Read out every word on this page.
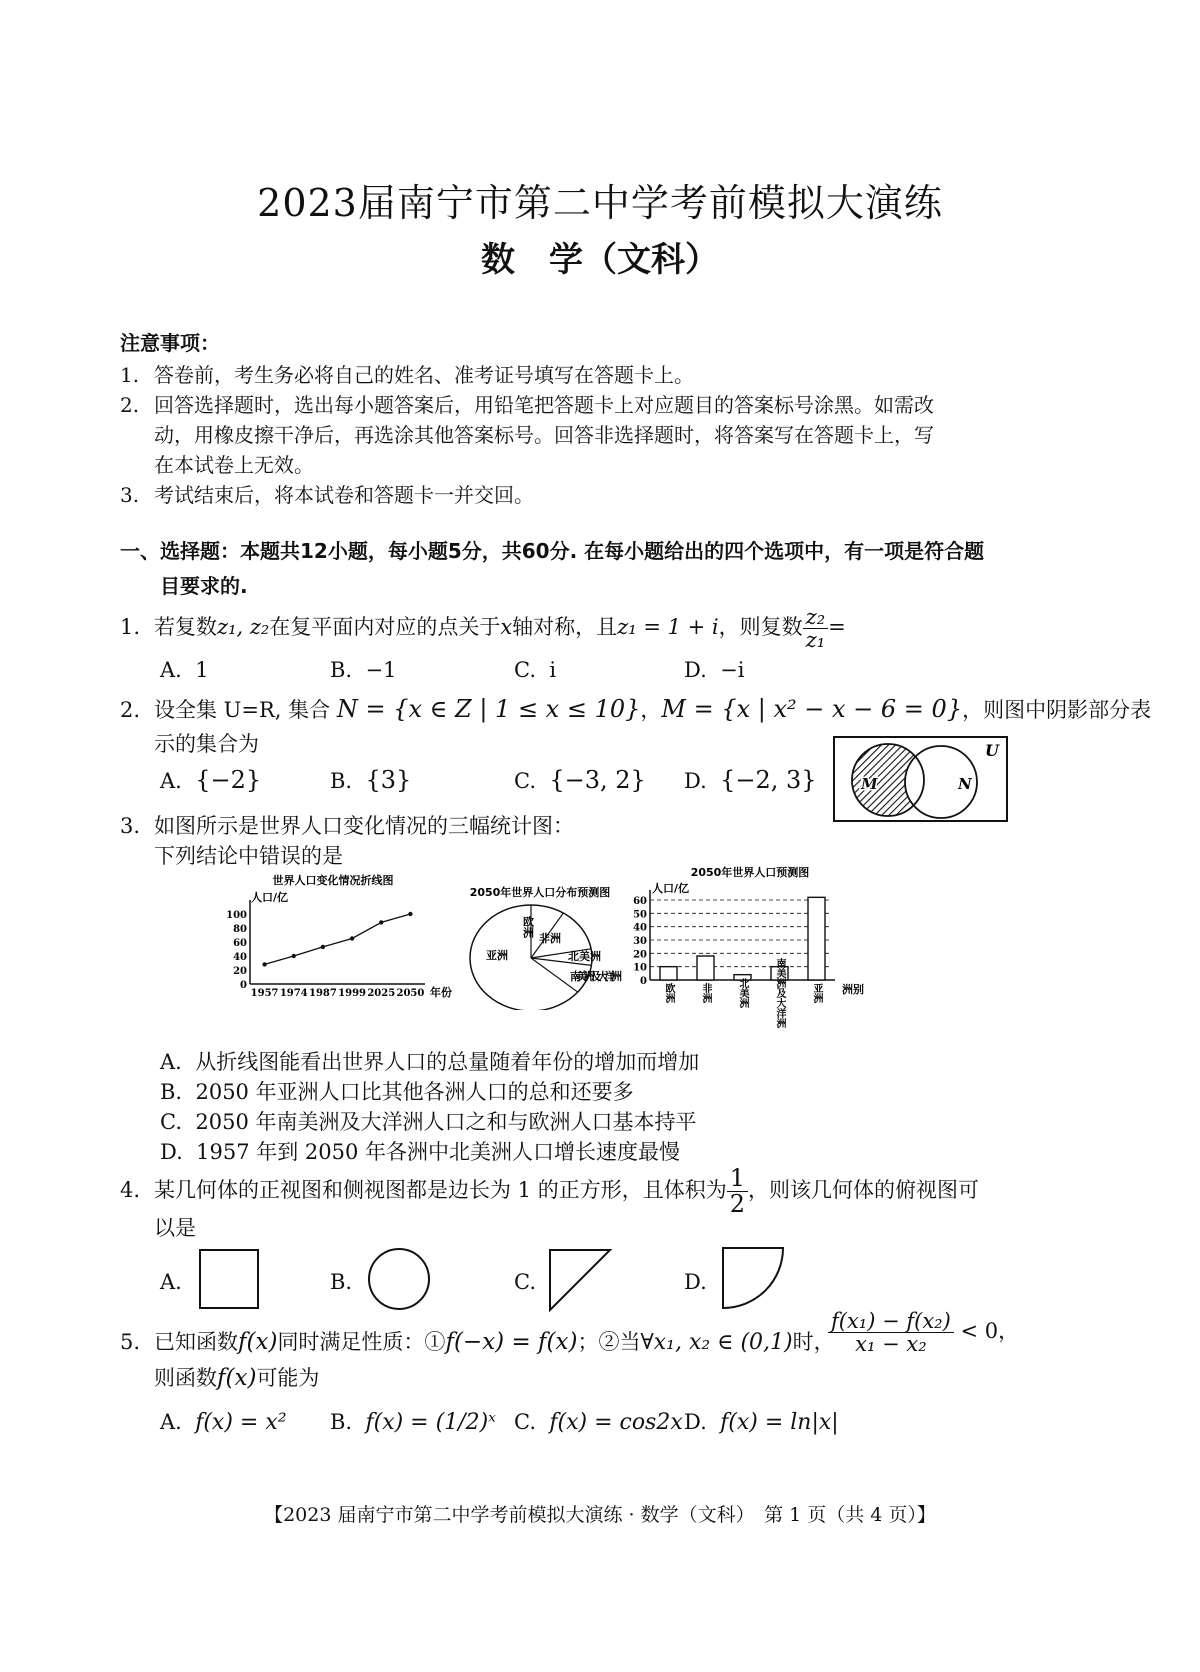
2023届南宁市第二中学考前模拟大演练
数　学（文科）
注意事项：
1. 答卷前，考生务必将自己的姓名、准考证号填写在答题卡上。
2. 回答选择题时，选出每小题答案后，用铅笔把答题卡上对应题目的答案标号涂黑。如需改
动，用橡皮擦干净后，再选涂其他答案标号。回答非选择题时，将答案写在答题卡上，写
在本试卷上无效。
3. 考试结束后，将本试卷和答题卡一并交回。
一、选择题：本题共12小题，每小题5分，共60分. 在每小题给出的四个选项中，有一项是符合题
目要求的.
1. 若复数z₁, z₂在复平面内对应的点关于x轴对称，且z₁ = 1 + i，则复数 $\frac{\text{z₂}}{\text{z₁}}$ =
A. 1	B. −1	C. i	D. −i
2. 设全集 U=R, 集合 N = {x ∈ Z | 1 ≤ x ≤ 10}，M = {x | x² − x − 6 = 0}，则图中阴影部分表
示的集合为
A. {−2}	B. {3}	C. {−3, 2} D. {−2, 3}
U
M	N
3. 如图所示是世界人口变化情况的三幅统计图：
下列结论中错误的是
世界人口变化情况折线图
人口/亿
年份
0
20
40
60
80
100
1957 1974 1987 1999 2025 2050
2050年世界人口分布预测图
欧洲
非洲
北美洲
南美洲及大洋洲
亚洲
2050年世界人口预测图
人口/亿
洲别
0
10
20
30
40
50
60
欧洲	非洲	北美洲	南美洲及大洋洲	亚洲
A. 从折线图能看出世界人口的总量随着年份的增加而增加
B. 2050 年亚洲人口比其他各洲人口的总和还要多
C. 2050 年南美洲及大洋洲人口之和与欧洲人口基本持平
D. 1957 年到 2050 年各洲中北美洲人口增长速度最慢
4. 某几何体的正视图和侧视图都是边长为 1 的正方形，且体积为 $\frac{1}{2}$ ，则该几何体的俯视图可
以是
A.	B.	C.	D.
5. 已知函数f(x)同时满足性质：①f(−x) = f(x)；②当∀x₁, x₂ ∈ (0,1)时，
$\frac{\text{f(x₁) − f(x₂)}}{\text{x₁ − x₂}} < 0$，
则函数f(x)可能为
A. f(x) = x² B. f(x) = (1/2)ˣ C. f(x) = cos2x D. f(x) = ln|x|
【2023 届南宁市第二中学考前模拟大演练 · 数学（文科）　第 1 页（共 4 页）】
